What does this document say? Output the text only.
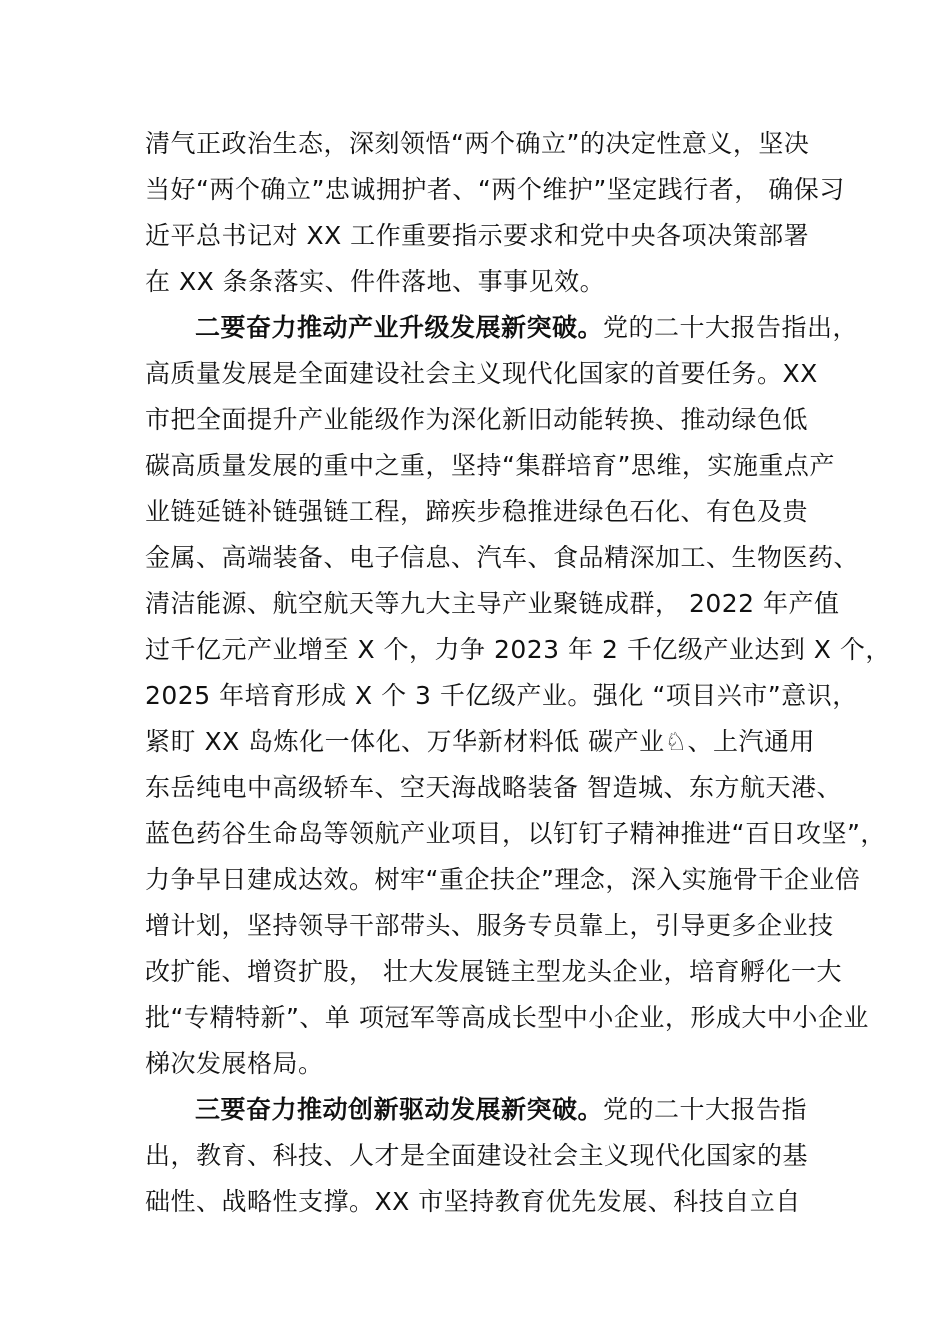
清气正政治生态，深刻领悟“两个确立”的决定性意义，坚决
当好“两个确立”忠诚拥护者、“两个维护”坚定践行者， 确保习
近平总书记对 XX 工作重要指示要求和党中央各项决策部署
在 XX 条条落实、件件落地、事事见效。
二要奋力推动产业升级发展新突破。党的二十大报告指出，
高质量发展是全面建设社会主义现代化国家的首要任务。XX
市把全面提升产业能级作为深化新旧动能转换、推动绿色低
碳高质量发展的重中之重，坚持“集群培育”思维，实施重点产
业链延链补链强链工程，蹄疾步稳推进绿色石化、有色及贵
金属、高端装备、电子信息、汽车、食品精深加工、生物医药、
清洁能源、航空航天等九大主导产业聚链成群， 2022 年产值
过千亿元产业增至 X 个，力争 2023 年 2 千亿级产业达到 X 个，
2025 年培育形成 X 个 3 千亿级产业。强化 “项目兴市”意识，
紧盯 XX 岛炼化一体化、万华新材料低 碳产业♘、上汽通用
东岳纯电中高级轿车、空天海战略装备 智造城、东方航天港、
蓝色药谷生命岛等领航产业项目，以钉钉子精神推进“百日攻坚”，
力争早日建成达效。树牢“重企扶企”理念，深入实施骨干企业倍
增计划，坚持领导干部带头、服务专员靠上，引导更多企业技
改扩能、增资扩股， 壮大发展链主型龙头企业，培育孵化一大
批“专精特新”、单 项冠军等高成长型中小企业，形成大中小企业
梯次发展格局。
三要奋力推动创新驱动发展新突破。党的二十大报告指
出，教育、科技、人才是全面建设社会主义现代化国家的基
础性、战略性支撑。XX 市坚持教育优先发展、科技自立自
